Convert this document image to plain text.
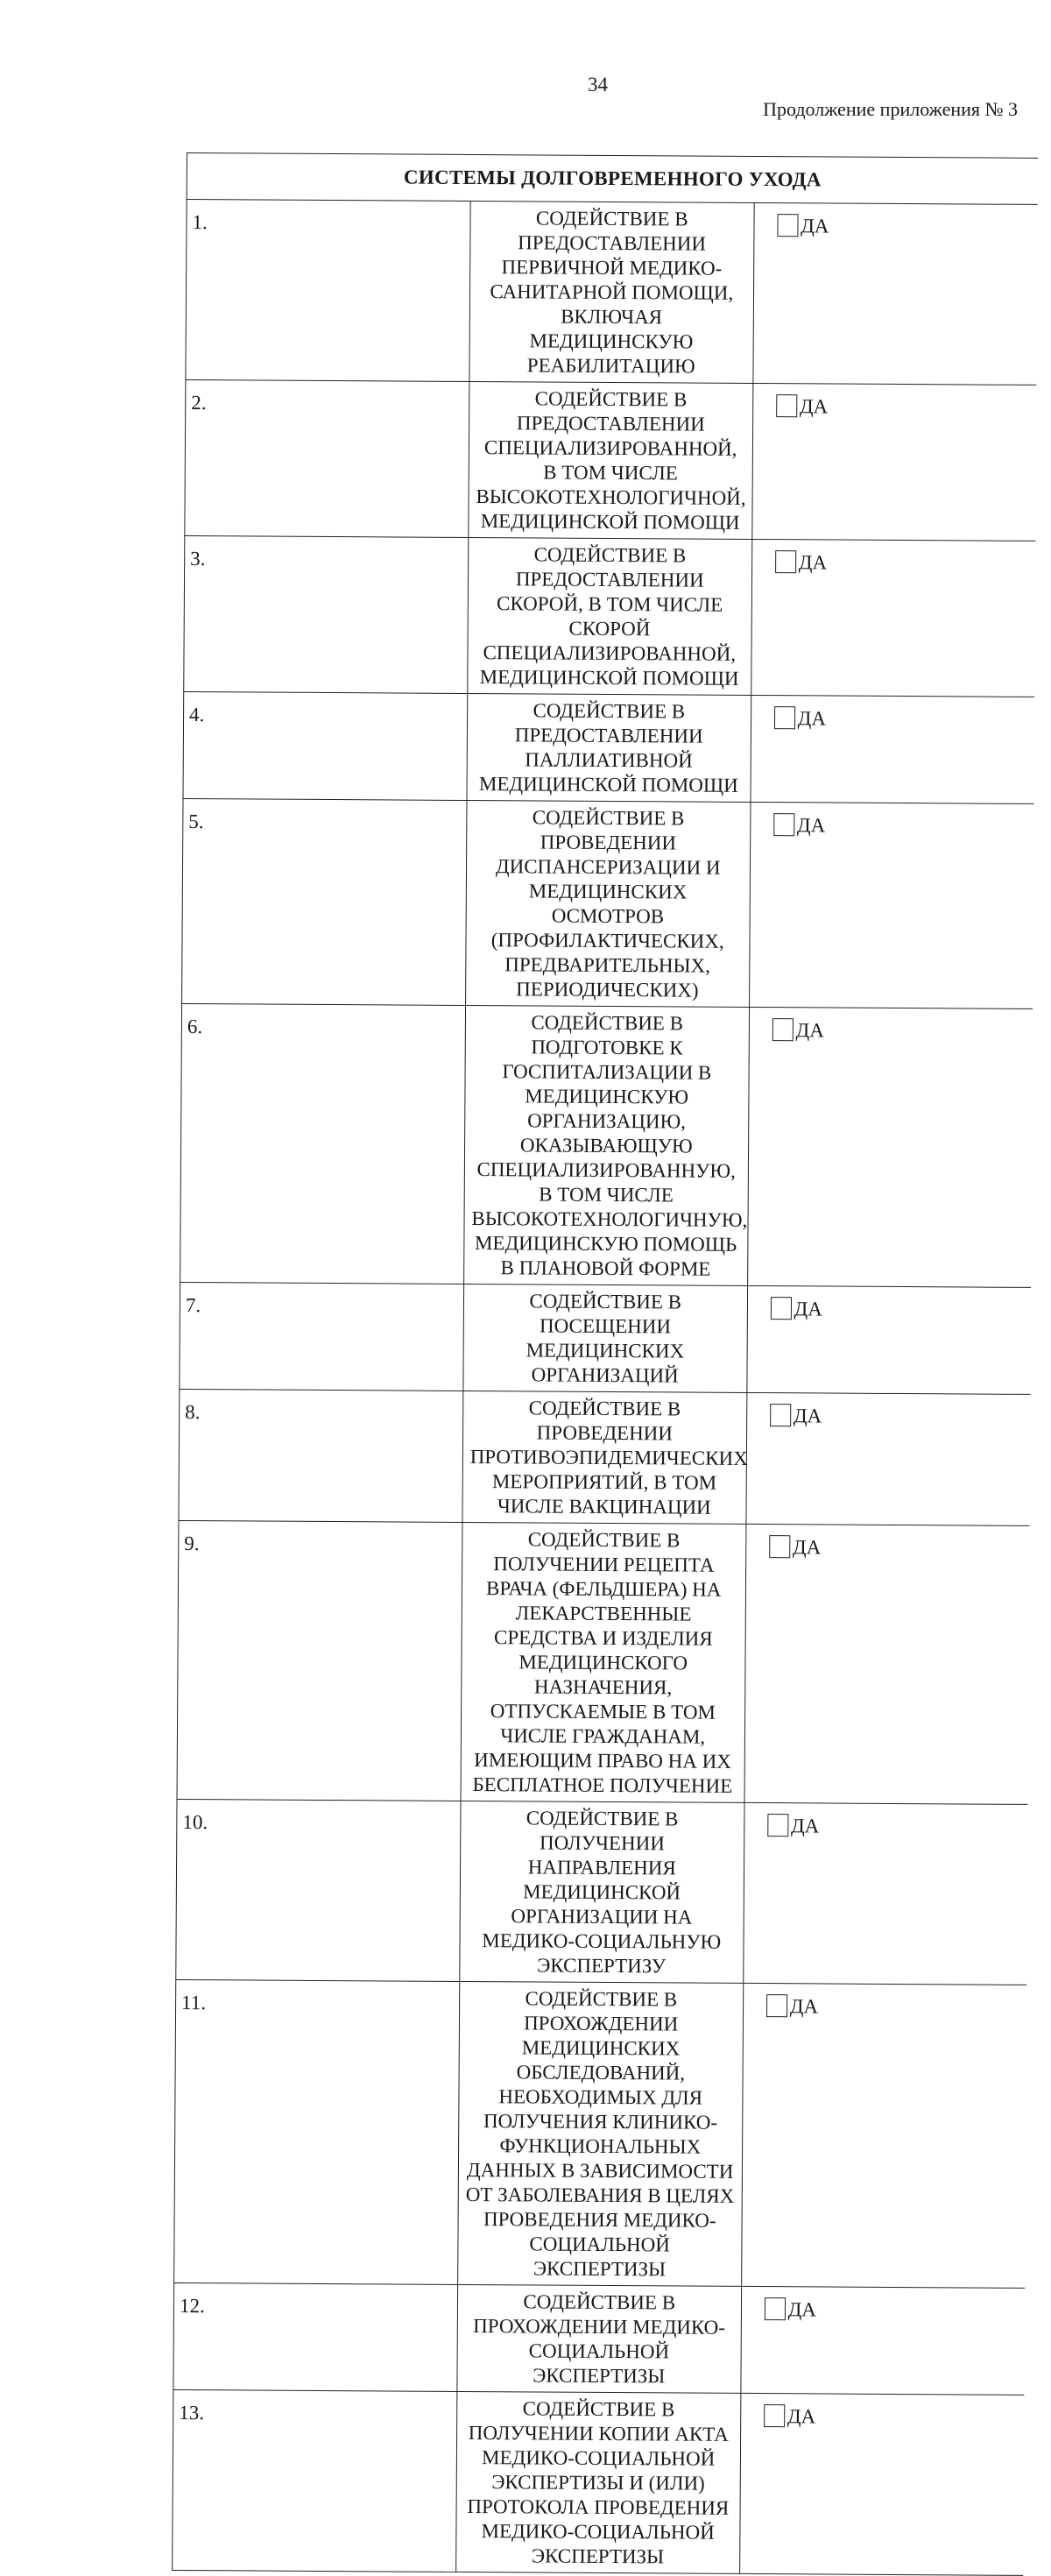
34
Продолжение приложения № 3
СИСТЕМЫ ДОЛГОВРЕМЕННОГО УХОДА		
1.	СОДЕЙСТВИЕ В ПРЕДОСТАВЛЕНИИ ПЕРВИЧНОЙ МЕДИКО-САНИТАРНОЙ ПОМОЩИ, ВКЛЮЧАЯ МЕДИЦИНСКУЮ РЕАБИЛИТАЦИЮ	ДА
2.	СОДЕЙСТВИЕ В ПРЕДОСТАВЛЕНИИ СПЕЦИАЛИЗИРОВАННОЙ, В ТОМ ЧИСЛЕ ВЫСОКОТЕХНОЛОГИЧНОЙ, МЕДИЦИНСКОЙ ПОМОЩИ	ДА
3.	СОДЕЙСТВИЕ В ПРЕДОСТАВЛЕНИИ СКОРОЙ, В ТОМ ЧИСЛЕ СКОРОЙ СПЕЦИАЛИЗИРОВАННОЙ, МЕДИЦИНСКОЙ ПОМОЩИ	ДА
4.	СОДЕЙСТВИЕ В ПРЕДОСТАВЛЕНИИ ПАЛЛИАТИВНОЙ МЕДИЦИНСКОЙ ПОМОЩИ	ДА
5.	СОДЕЙСТВИЕ В ПРОВЕДЕНИИ ДИСПАНСЕРИЗАЦИИ И МЕДИЦИНСКИХ ОСМОТРОВ (ПРОФИЛАКТИЧЕСКИХ, ПРЕДВАРИТЕЛЬНЫХ, ПЕРИОДИЧЕСКИХ)	ДА
6.	СОДЕЙСТВИЕ В ПОДГОТОВКЕ К ГОСПИТАЛИЗАЦИИ В МЕДИЦИНСКУЮ ОРГАНИЗАЦИЮ, ОКАЗЫВАЮЩУЮ СПЕЦИАЛИЗИРОВАННУЮ, В ТОМ ЧИСЛЕ ВЫСОКОТЕХНОЛОГИЧНУЮ, МЕДИЦИНСКУЮ ПОМОЩЬ В ПЛАНОВОЙ ФОРМЕ	ДА
7.	СОДЕЙСТВИЕ В ПОСЕЩЕНИИ МЕДИЦИНСКИХ ОРГАНИЗАЦИЙ	ДА
8.	СОДЕЙСТВИЕ В ПРОВЕДЕНИИ ПРОТИВОЭПИДЕМИЧЕСКИХ МЕРОПРИЯТИЙ, В ТОМ ЧИСЛЕ ВАКЦИНАЦИИ	ДА
9.	СОДЕЙСТВИЕ В ПОЛУЧЕНИИ РЕЦЕПТА ВРАЧА (ФЕЛЬДШЕРА) НА ЛЕКАРСТВЕННЫЕ СРЕДСТВА И ИЗДЕЛИЯ МЕДИЦИНСКОГО НАЗНАЧЕНИЯ, ОТПУСКАЕМЫЕ В ТОМ ЧИСЛЕ ГРАЖДАНАМ, ИМЕЮЩИМ ПРАВО НА ИХ БЕСПЛАТНОЕ ПОЛУЧЕНИЕ	ДА
10.	СОДЕЙСТВИЕ В ПОЛУЧЕНИИ НАПРАВЛЕНИЯ МЕДИЦИНСКОЙ ОРГАНИЗАЦИИ НА МЕДИКО-СОЦИАЛЬНУЮ ЭКСПЕРТИЗУ	ДА
11.	СОДЕЙСТВИЕ В ПРОХОЖДЕНИИ МЕДИЦИНСКИХ ОБСЛЕДОВАНИЙ, НЕОБХОДИМЫХ ДЛЯ ПОЛУЧЕНИЯ КЛИНИКО-ФУНКЦИОНАЛЬНЫХ ДАННЫХ В ЗАВИСИМОСТИ ОТ ЗАБОЛЕВАНИЯ В ЦЕЛЯХ ПРОВЕДЕНИЯ МЕДИКО-СОЦИАЛЬНОЙ ЭКСПЕРТИЗЫ	ДА
12.	СОДЕЙСТВИЕ В ПРОХОЖДЕНИИ МЕДИКО-СОЦИАЛЬНОЙ ЭКСПЕРТИЗЫ	ДА
13.	СОДЕЙСТВИЕ В ПОЛУЧЕНИИ КОПИИ АКТА МЕДИКО-СОЦИАЛЬНОЙ ЭКСПЕРТИЗЫ И (ИЛИ) ПРОТОКОЛА ПРОВЕДЕНИЯ МЕДИКО-СОЦИАЛЬНОЙ ЭКСПЕРТИЗЫ	ДА
